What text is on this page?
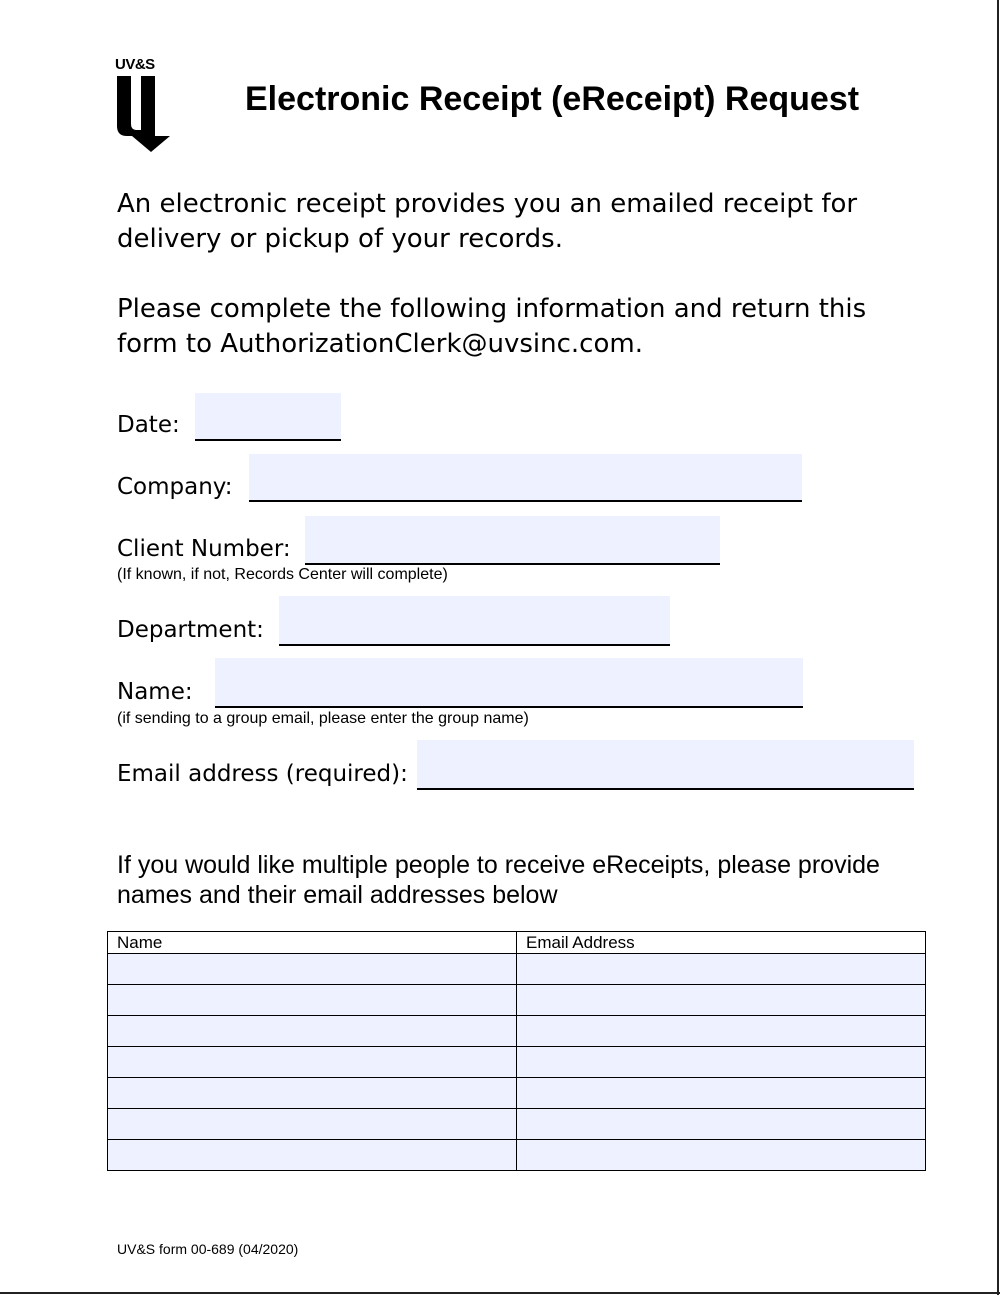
UV&S
Electronic Receipt (eReceipt) Request
An electronic receipt provides you an emailed receipt for delivery or pickup of your records.
Please complete the following information and return this form to AuthorizationClerk@uvsinc.com.
Date:
Company:
Client Number:
(If known, if not, Records Center will complete)
Department:
Name:
(if sending to a group email, please enter the group name)
Email address (required):
If you would like multiple people to receive eReceipts, please provide names and their email addresses below
Name	Email Address

UV&S form 00-689 (04/2020)
